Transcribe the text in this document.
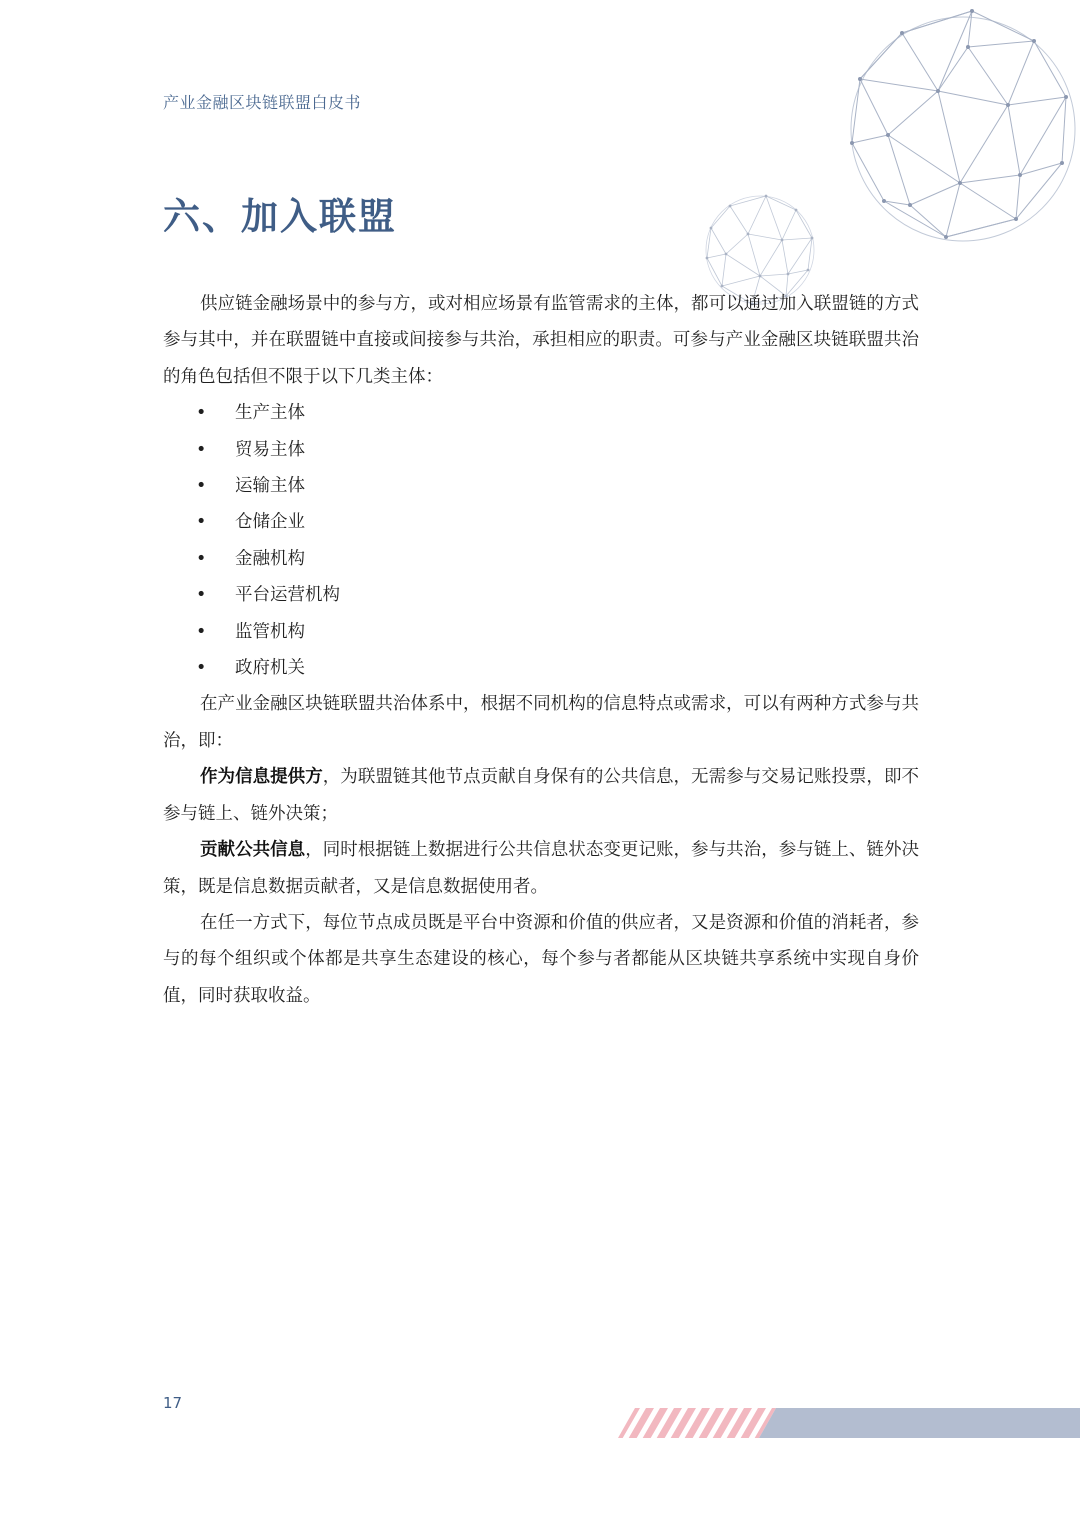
产业金融区块链联盟白皮书
六、加入联盟

供应链金融场景中的参与方，或对相应场景有监管需求的主体，都可以通过加入联盟链的方式参与其中，并在联盟链中直接或间接参与共治，承担相应的职责。可参与产业金融区块链联盟共治的角色包括但不限于以下几类主体：

• 生产主体
• 贸易主体
• 运输主体
• 仓储企业
• 金融机构
• 平台运营机构
• 监管机构
• 政府机关

在产业金融区块链联盟共治体系中，根据不同机构的信息特点或需求，可以有两种方式参与共治，即：

作为信息提供方，为联盟链其他节点贡献自身保有的公共信息，无需参与交易记账投票，即不参与链上、链外决策；

贡献公共信息，同时根据链上数据进行公共信息状态变更记账，参与共治，参与链上、链外决策，既是信息数据贡献者，又是信息数据使用者。

在任一方式下，每位节点成员既是平台中资源和价值的供应者，又是资源和价值的消耗者，参与的每个组织或个体都是共享生态建设的核心，每个参与者都能从区块链共享系统中实现自身价值，同时获取收益。

17
